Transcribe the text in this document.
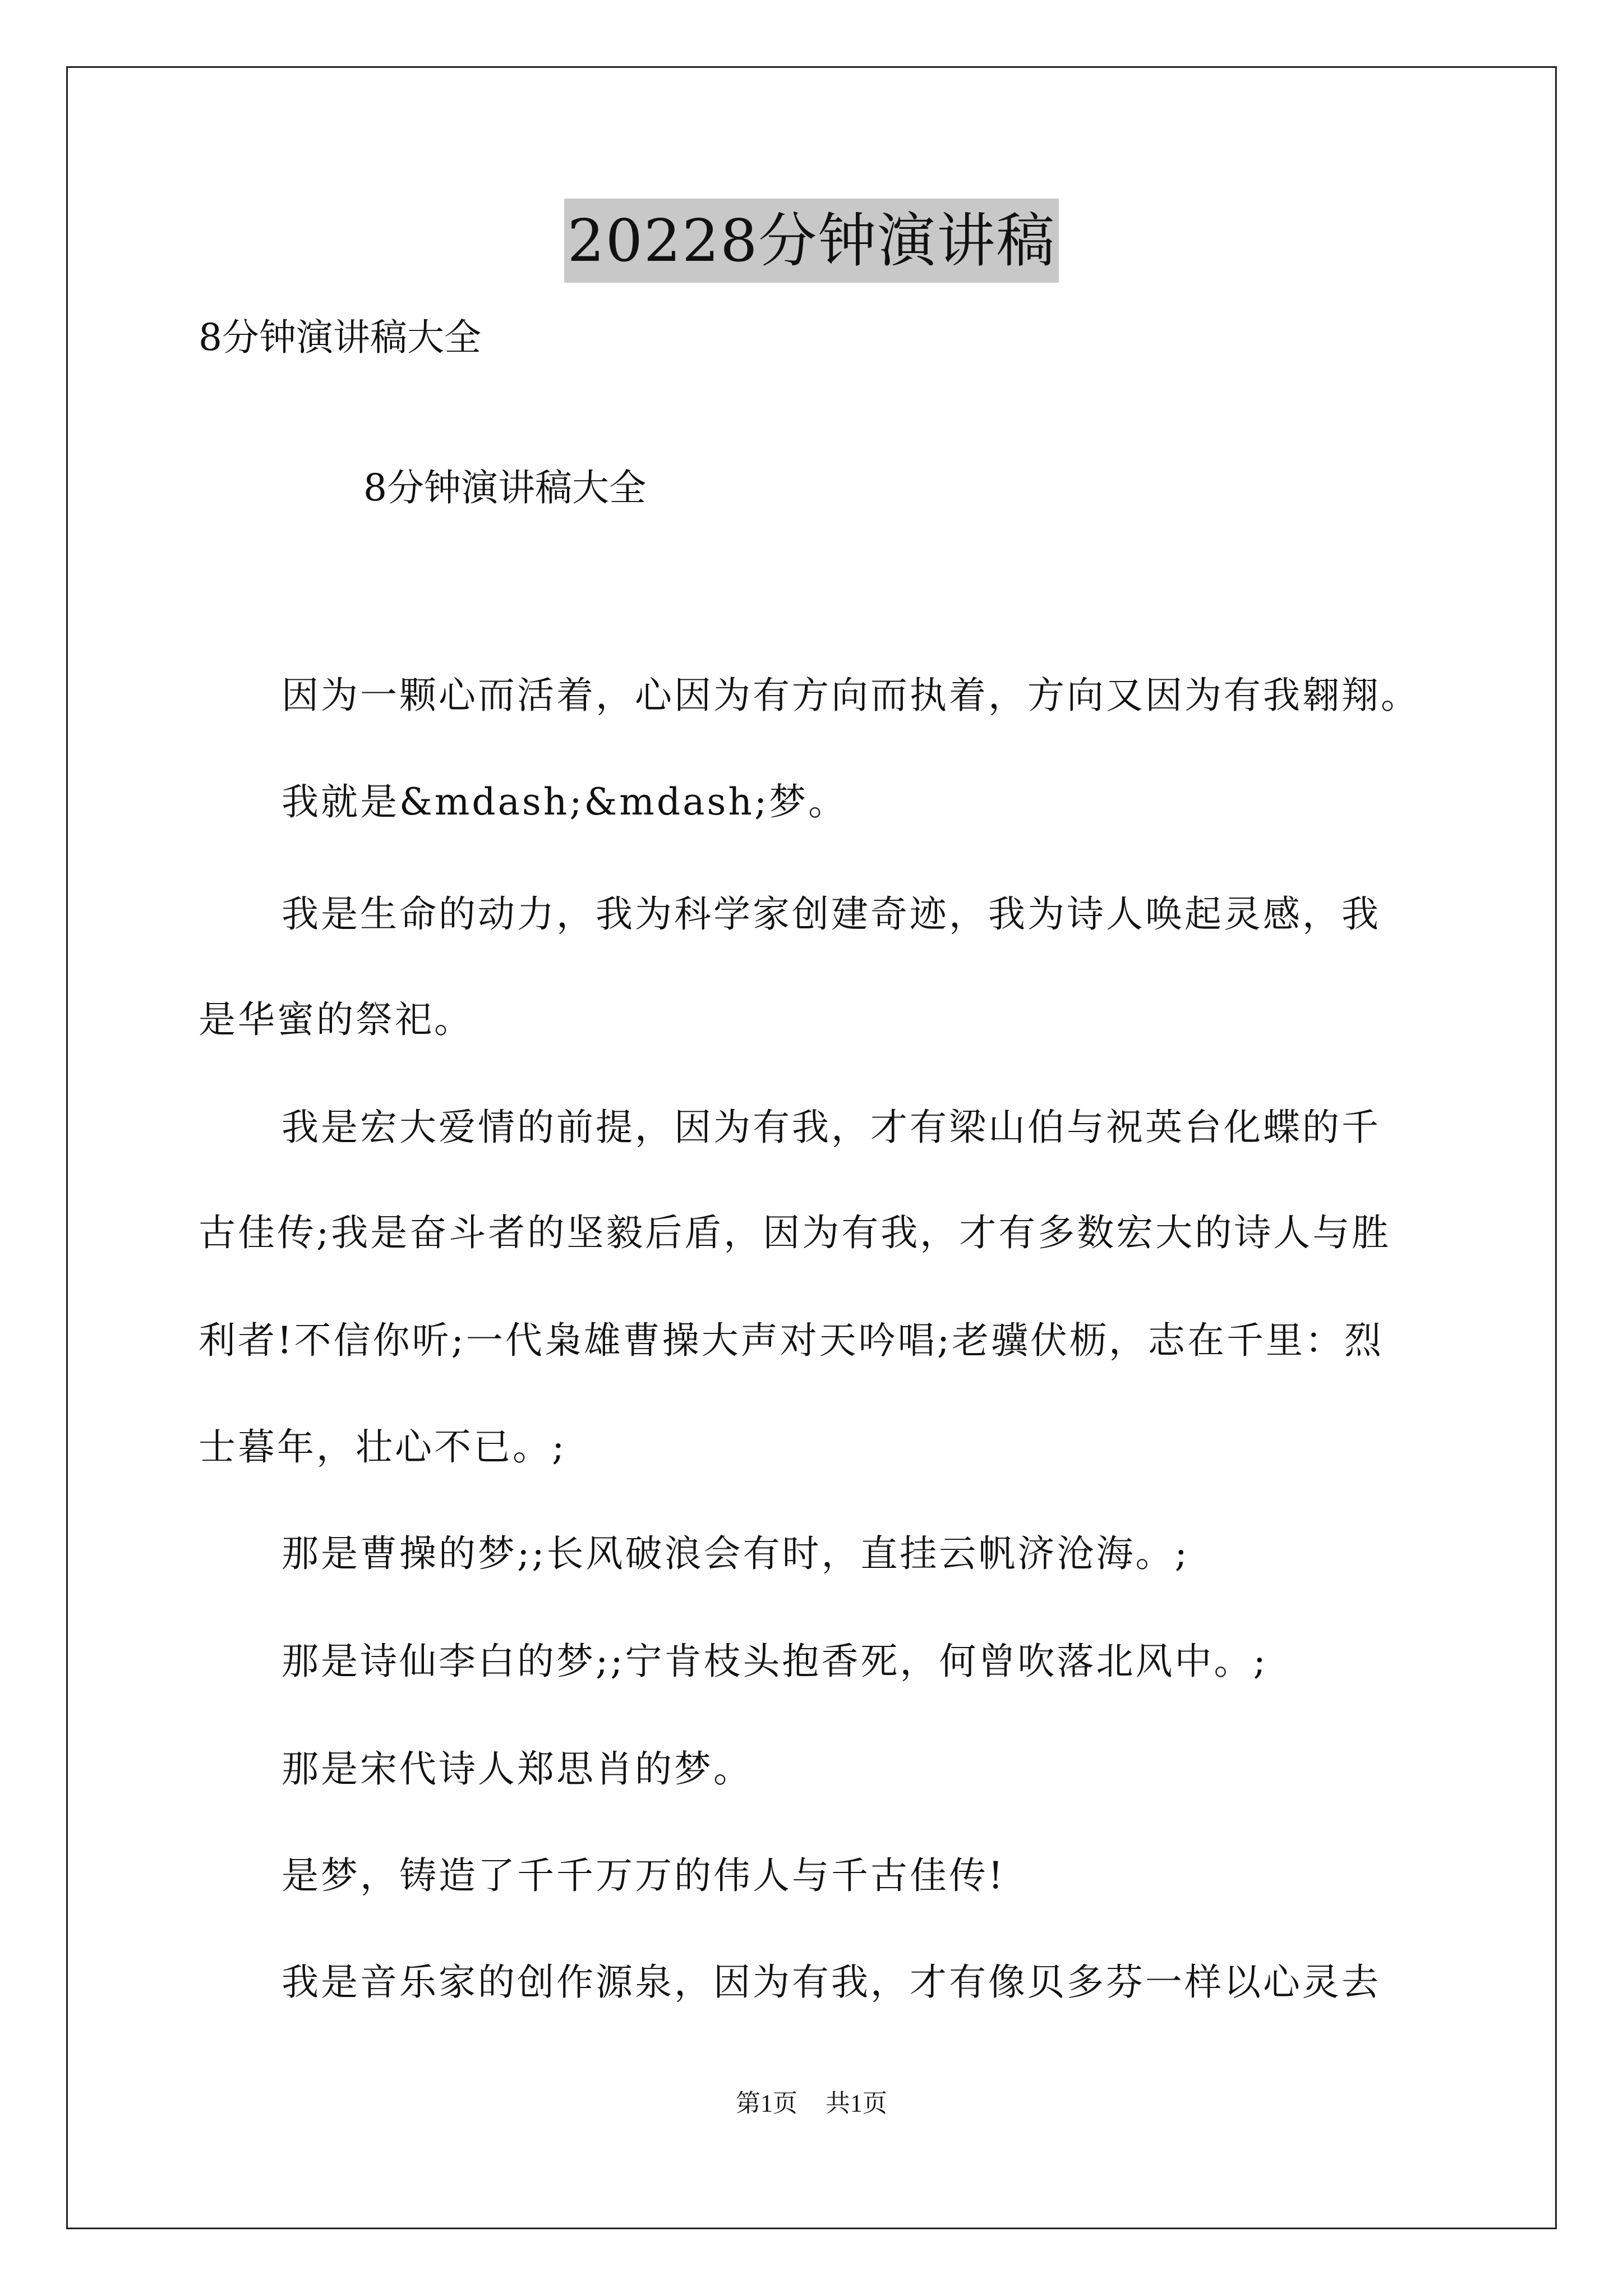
20228分钟演讲稿
8分钟演讲稿大全
8分钟演讲稿大全
因为一颗心而活着，心因为有方向而执着，方向又因为有我翱翔。
我就是&mdash;&mdash;梦。
我是生命的动力，我为科学家创建奇迹，我为诗人唤起灵感，我
是华蜜的祭祀。
我是宏大爱情的前提，因为有我，才有梁山伯与祝英台化蝶的千
古佳传;我是奋斗者的坚毅后盾，因为有我，才有多数宏大的诗人与胜
利者!不信你听;一代枭雄曹操大声对天吟唱;老骥伏枥，志在千里：烈
士暮年，壮心不已。;
那是曹操的梦;;长风破浪会有时，直挂云帆济沧海。;
那是诗仙李白的梦;;宁肯枝头抱香死，何曾吹落北风中。;
那是宋代诗人郑思肖的梦。
是梦，铸造了千千万万的伟人与千古佳传!
我是音乐家的创作源泉，因为有我，才有像贝多芬一样以心灵去
第1页 共1页
